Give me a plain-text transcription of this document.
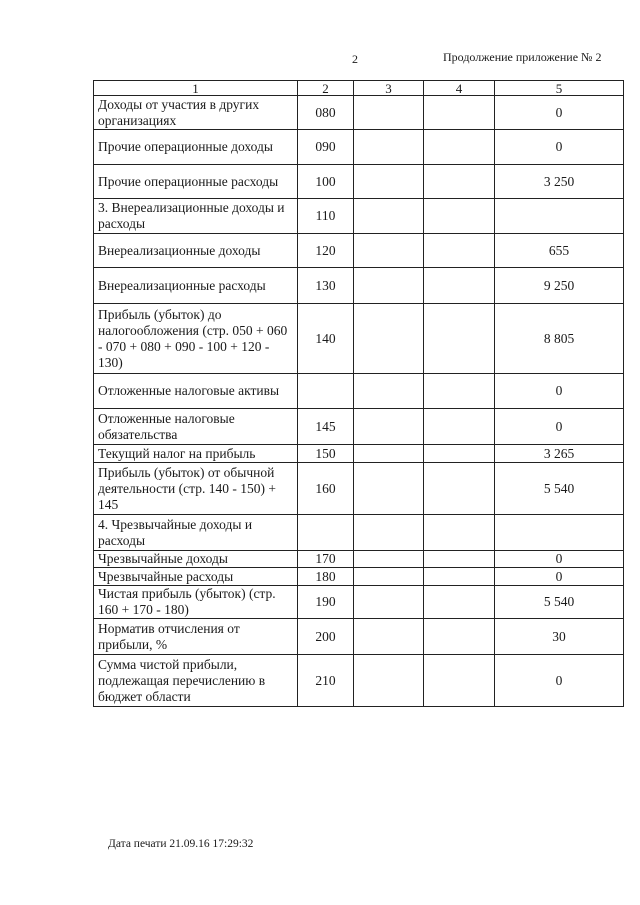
2	Продолжение приложение № 2
1	2	3	4	5
Доходы от участия в других организациях	080			0
Прочие операционные доходы	090			0
Прочие операционные расходы	100			3 250
3. Внереализационные доходы и расходы	110			
Внереализационные доходы	120			655
Внереализационные расходы	130			9 250
Прибыль (убыток) до налогообложения (стр. 050 + 060 - 070 + 080 + 090 - 100 + 120 - 130)	140			8 805
Отложенные налоговые активы				0
Отложенные налоговые обязательства	145			0
Текущий налог на прибыль	150			3 265
Прибыль (убыток) от обычной деятельности (стр. 140 - 150) + 145	160			5 540
4. Чрезвычайные доходы и расходы				
Чрезвычайные доходы	170			0
Чрезвычайные расходы	180			0
Чистая прибыль (убыток) (стр. 160 + 170 - 180)	190			5 540
Норматив отчисления от прибыли, %	200			30
Сумма чистой прибыли, подлежащая перечислению в бюджет области	210			0
Дата печати 21.09.16 17:29:32
